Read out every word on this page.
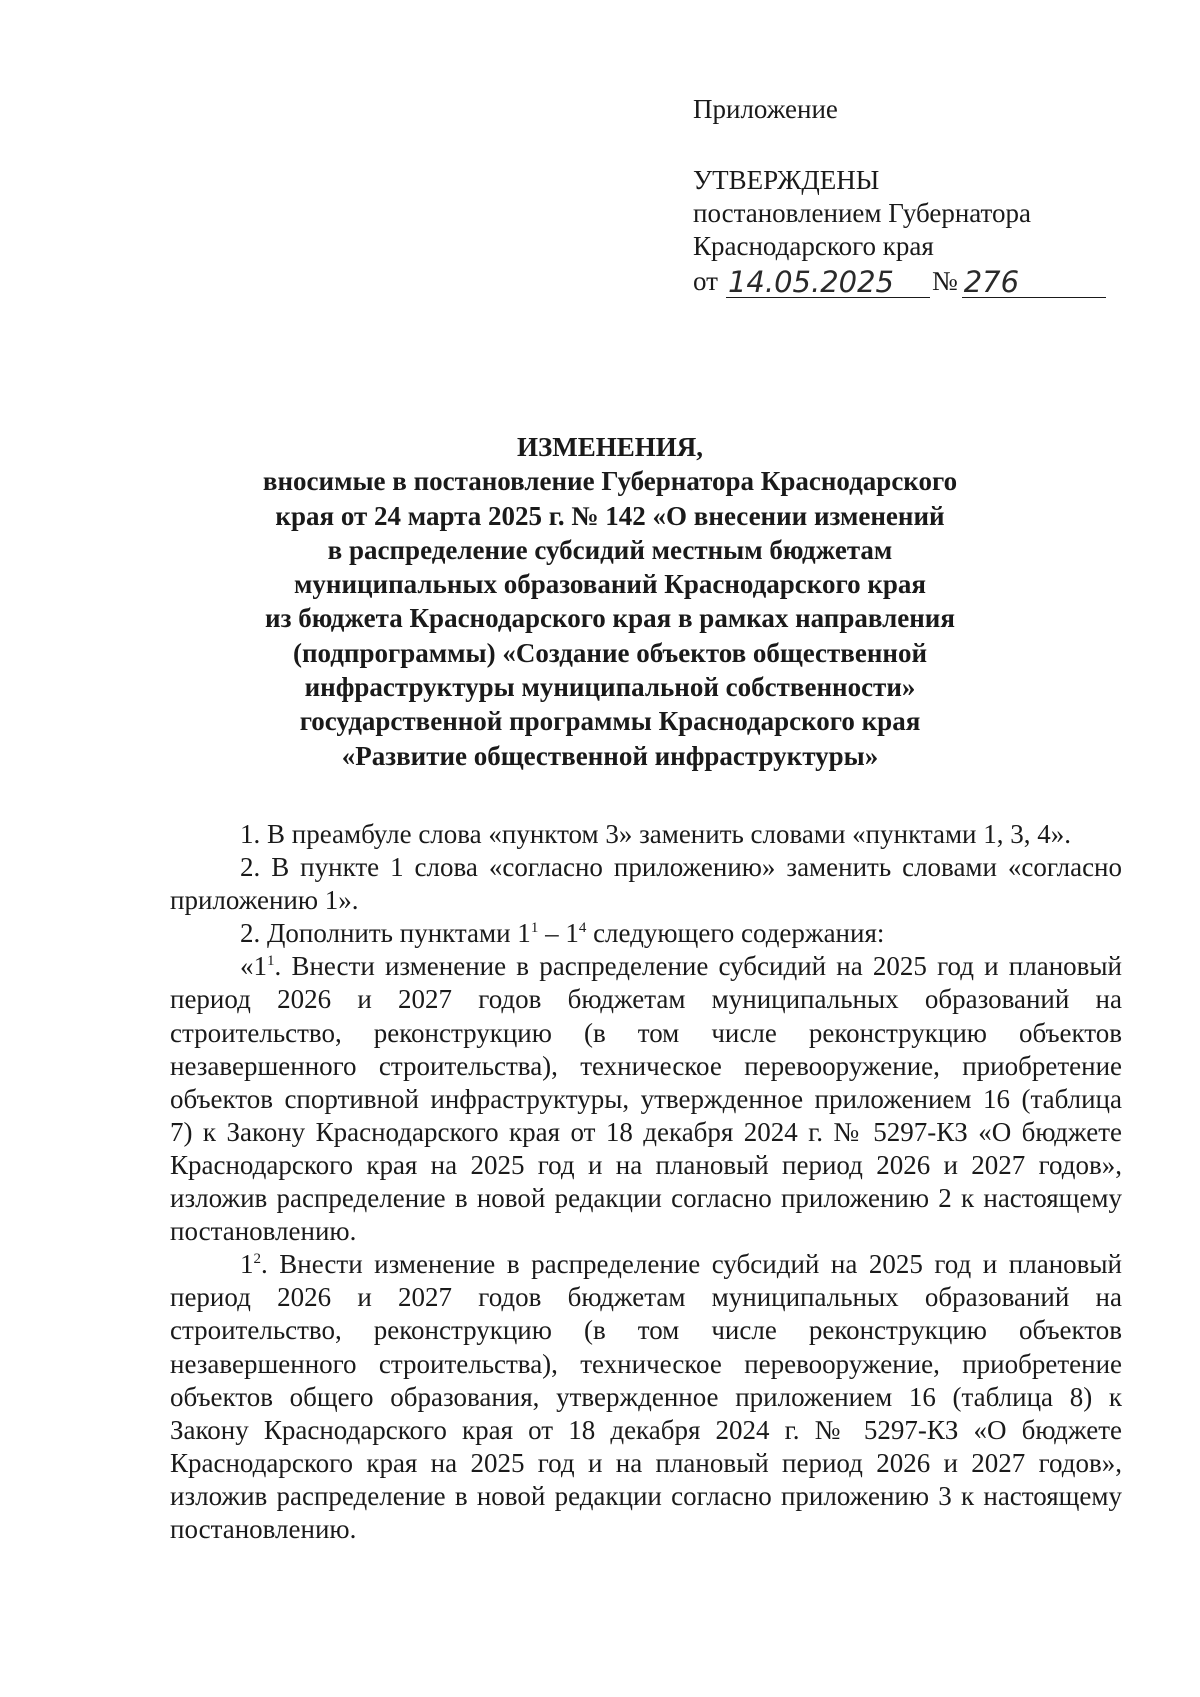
Приложение

УТВЕРЖДЕНЫ

постановлением Губернатора

Краснодарского края

от 14.05.2025	№ 276

ИЗМЕНЕНИЯ,

вносимые в постановление Губернатора Краснодарского

края от 24 марта 2025 г. № 142 «О внесении изменений

в распределение субсидий местным бюджетам

муниципальных образований Краснодарского края

из бюджета Краснодарского края в рамках направления

(подпрограммы) «Создание объектов общественной

инфраструктуры муниципальной собственности»

государственной программы Краснодарского края

«Развитие общественной инфраструктуры»

1. В преамбуле слова «пунктом 3» заменить словами «пунктами 1, 3, 4».

2. В пункте 1 слова «согласно приложению» заменить словами «согласно приложению 1».

2. Дополнить пунктами $1^1 - 1^4$ следующего содержания:

«$1^1$. Внести изменение в распределение субсидий на 2025 год и плановый период 2026 и 2027 годов бюджетам муниципальных образований на строительство, реконструкцию (в том числе реконструкцию объектов незавершенного строительства), техническое перевооружение, приобретение объектов спортивной инфраструктуры, утвержденное приложением 16 (таблица 7) к Закону Краснодарского края от 18 декабря 2024 г. № 5297-КЗ «О бюджете Краснодарского края на 2025 год и на плановый период 2026 и 2027 годов», изложив распределение в новой редакции согласно приложению 2 к настоящему постановлению.

$1^2$. Внести изменение в распределение субсидий на 2025 год и плановый период 2026 и 2027 годов бюджетам муниципальных образований на строительство, реконструкцию (в том числе реконструкцию объектов незавершенного строительства), техническое перевооружение, приобретение объектов общего образования, утвержденное приложением 16 (таблица 8) к Закону Краснодарского края от 18 декабря 2024 г. № 5297-КЗ «О бюджете Краснодарского края на 2025 год и на плановый период 2026 и 2027 годов», изложив распределение в новой редакции согласно приложению 3 к настоящему постановлению.
